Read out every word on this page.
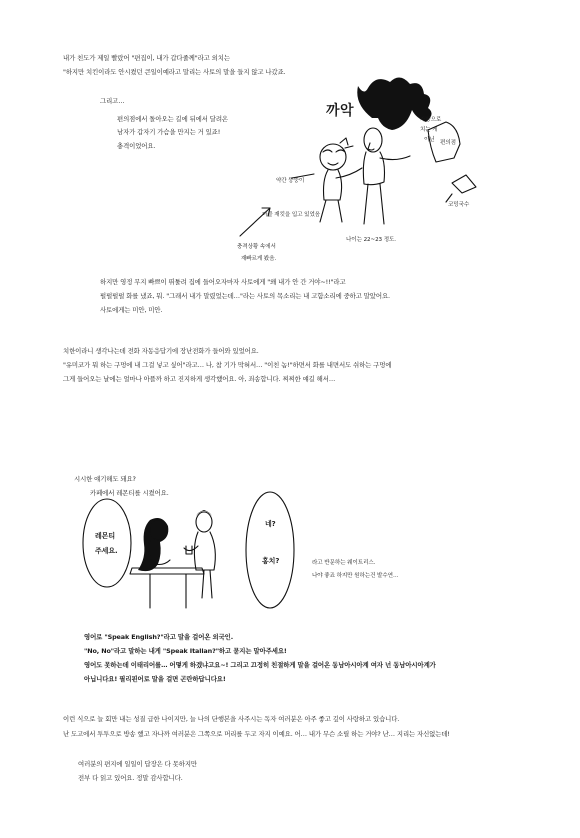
내가 친도가 제일 빨랐어 "편집이, 내가 갑다줄께"라고 외치는
"하지만 치킨이라도 안시켰던 큰일이예라고 말리는 사토의 말을 들지 않고 나갔죠.
그리고…
편의점에서 돌아오는 길에 뒤에서 달려온
남자가 갑자기 가슴을 만지는 거 있죠!
충격이었어요.
까악
약간 뚱뚱이
더블 재킷을 입고 있었음
나이는 22~23 정도.
충격상황 속에서
재빠르게 봤음.
가방으로
치는 게
이닌 편의점
코밍국수
하지만 영정 무지 빠쁘이 뛰툴려 집에 들어오자마자 사토에게 "왜 내가 안 간 거야~!!"라고
펄펄펄펄 화를 냈죠, 뭐. "그래서 내가 말렸었는데…"라는 사토의 목소리는 내 고함소리에 중하고 말았어요.
사토에게는 미안, 미안.
치한이라니 생각나는데 전화 자동응답기에 장난전화가 들어와 있었어요.
"유미코가 뭐 하는 구멍에 내 그걸 넣고 싶어"라고… 나, 참 기가 막혀서… "이친 놈!"하면서 화를 내면서도 쉬하는 구멍에
그게 들어오는 날에는 얼마나 아플까 하고 진지하게 생각했어요. 아, 죄송합니다. 찌찌한 얘길 해서…
시시한 얘기해도 돼요?
카페에서 레몬티를 시켰어요.
레몬티
주세요.
네?
홍치?	라고 반문하는 웨이트리스.
나야 좋죠 하지만 원하는건 발수연…
영어로 "Speak English?"라고 말을 걸어온 외국인.
"No, No"라고 말하는 내게 "Speak Itallan?"하고 묻지는 말아주세요!
영어도 못하는데 이태리어를… 어떻게 하겠냐고요~! 그리고 끄정히 친절하게 말을 걸어온 동남아시아계 여자 넌 동남아시아계가
아닙니다요! 필리핀어로 말을 걸면 곤란하답니다요!
이런 식으로 늘 회만 내는 성질 급한 나이지만, 늘 나의 단행본을 사주시는 독자 여러분은 아주 좋고 깊이 사랑하고 있습니다.
난 도고에서 투투으로 방송 했고 자나까 여러분은 그쪽으로 머리를 두고 자지 이예요. 어… 내가 무슨 소릴 하는 거야? 난… 지리는 자신없는데!
여러분의 편지에 일일이 답장은 다 못하지만
전부 다 읽고 있어요. 정말 감사합니다.
